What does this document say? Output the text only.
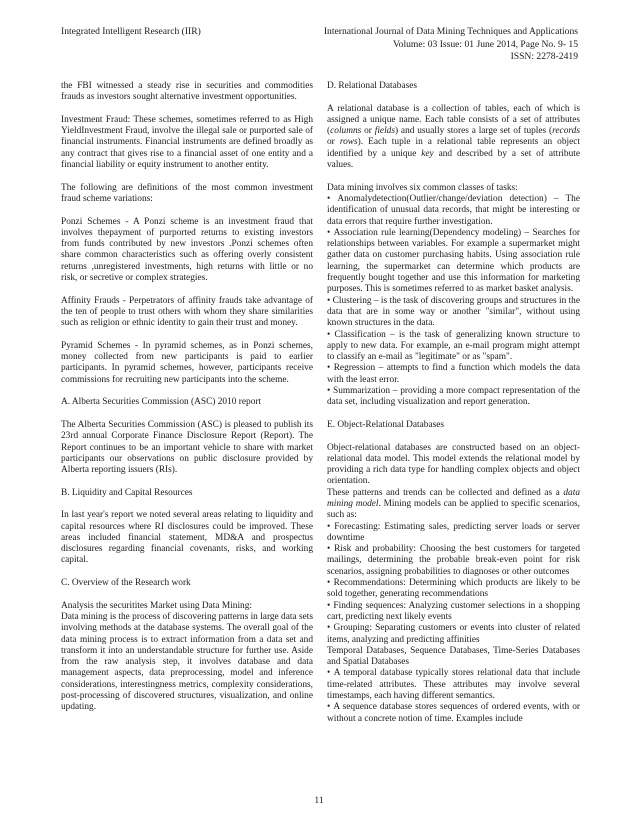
Integrated Intelligent Research (IIR)	International Journal of Data Mining Techniques and Applications
Volume: 03 Issue: 01 June 2014, Page No. 9- 15
ISSN: 2278-2419

the FBI witnessed a steady rise in securities and commodities frauds as investors sought alternative investment opportunities.

Investment Fraud: These schemes, sometimes referred to as High YieldInvestment Fraud, involve the illegal sale or purported sale of financial instruments. Financial instruments are defined broadly as any contract that gives rise to a financial asset of one entity and a financial liability or equity instrument to another entity.

The following are definitions of the most common investment fraud scheme variations:

Ponzi Schemes - A Ponzi scheme is an investment fraud that involves thepayment of purported returns to existing investors from funds contributed by new investors .Ponzi schemes often share common characteristics such as offering overly consistent returns ,unregistered investments, high returns with little or no risk, or secretive or complex strategies.

Affinity Frauds - Perpetrators of affinity frauds take advantage of the ten of people to trust others with whom they share similarities such as religion or ethnic identity to gain their trust and money.

Pyramid Schemes - In pyramid schemes, as in Ponzi schemes, money collected from new participants is paid to earlier participants. In pyramid schemes, however, participants receive commissions for recruiting new participants into the scheme.

A. Alberta Securities Commission (ASC) 2010 report

The Alberta Securities Commission (ASC) is pleased to publish its 23rd annual Corporate Finance Disclosure Report (Report). The Report continues to be an important vehicle to share with market participants our observations on public disclosure provided by Alberta reporting issuers (RIs).

B. Liquidity and Capital Resources

In last year's report we noted several areas relating to liquidity and capital resources where RI disclosures could be improved. These areas included financial statement, MD&A and prospectus disclosures regarding financial covenants, risks, and working capital.

C. Overview of the Research work

Analysis the securitites Market using Data Mining:

Data mining is the process of discovering patterns in large data sets involving methods at the database systems. The overall goal of the data mining process is to extract information from a data set and transform it into an understandable structure for further use. Aside from the raw analysis step, it involves database and data management aspects, data preprocessing, model and inference considerations, interestingness metrics, complexity considerations, post-processing of discovered structures, visualization, and online updating.

D. Relational Databases

A relational database is a collection of tables, each of which is assigned a unique name. Each table consists of a set of attributes (columns or fields) and usually stores a large set of tuples (records or rows). Each tuple in a relational table represents an object identified by a unique key and described by a set of attribute values.

Data mining involves six common classes of tasks:

• Anomalydetection(Outlier/change/deviation detection) – The identification of unusual data records, that might be interesting or data errors that require further investigation.

• Association rule learning(Dependency modeling) – Searches for relationships between variables. For example a supermarket might gather data on customer purchasing habits. Using association rule learning, the supermarket can determine which products are frequently bought together and use this information for marketing purposes. This is sometimes referred to as market basket analysis.

• Clustering – is the task of discovering groups and structures in the data that are in some way or another "similar", without using known structures in the data.

• Classification – is the task of generalizing known structure to apply to new data. For example, an e-mail program might attempt to classify an e-mail as "legitimate" or as "spam".

• Regression – attempts to find a function which models the data with the least error.

• Summarization – providing a more compact representation of the data set, including visualization and report generation.

E. Object-Relational Databases

Object-relational databases are constructed based on an object-relational data model. This model extends the relational model by providing a rich data type for handling complex objects and object orientation.

These patterns and trends can be collected and defined as a data mining model. Mining models can be applied to specific scenarios, such as:

• Forecasting: Estimating sales, predicting server loads or server downtime

• Risk and probability: Choosing the best customers for targeted mailings, determining the probable break-even point for risk scenarios, assigning probabilities to diagnoses or other outcomes

• Recommendations: Determining which products are likely to be sold together, generating recommendations

• Finding sequences: Analyzing customer selections in a shopping cart, predicting next likely events

• Grouping: Separating customers or events into cluster of related items, analyzing and predicting affinities

Temporal Databases, Sequence Databases, Time-Series Databases and Spatial Databases

• A temporal database typically stores relational data that include time-related attributes. These attributes may involve several timestamps, each having different semantics.

• A sequence database stores sequences of ordered events, with or without a concrete notion of time. Examples include

11
